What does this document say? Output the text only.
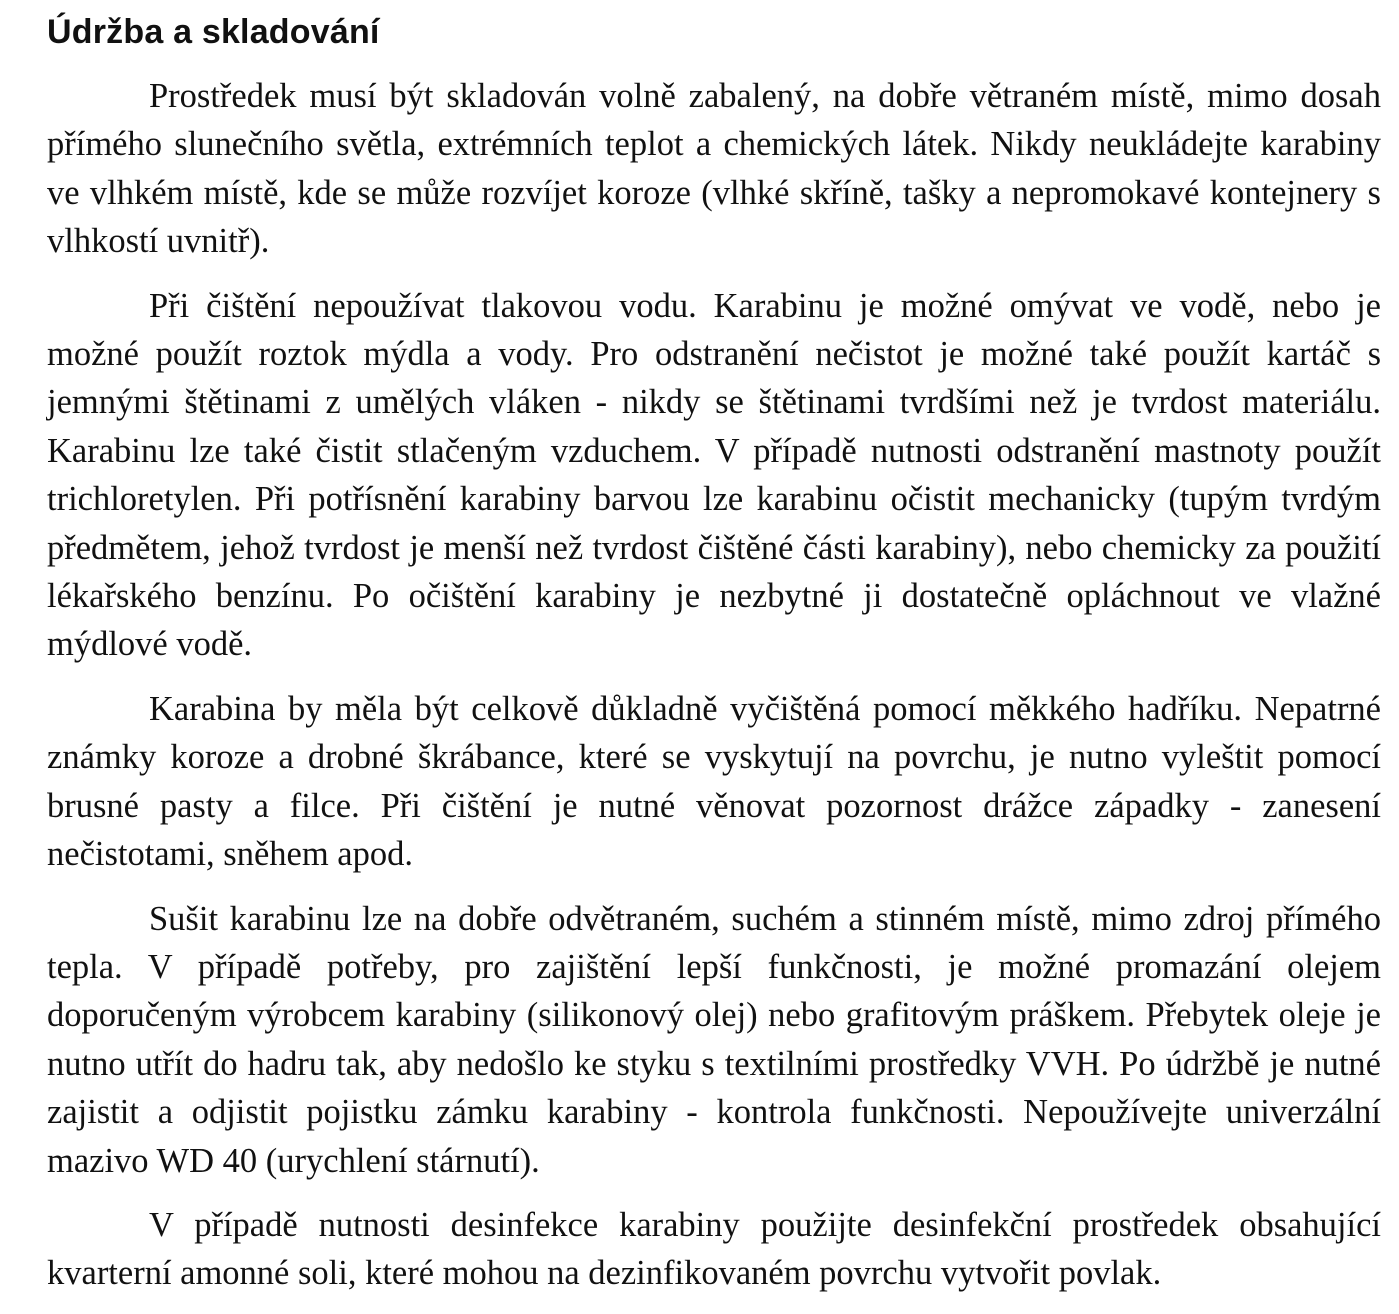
Údržba a skladování

Prostředek musí být skladován volně zabalený, na dobře větraném místě, mimo dosah přímého slunečního světla, extrémních teplot a chemických látek. Nikdy neukládejte karabiny ve vlhkém místě, kde se může rozvíjet koroze (vlhké skříně, tašky a nepromokavé kontejnery s vlhkostí uvnitř).

Při čištění nepoužívat tlakovou vodu. Karabinu je možné omývat ve vodě, nebo je možné použít roztok mýdla a vody. Pro odstranění nečistot je možné také použít kartáč s jemnými štětinami z umělých vláken - nikdy se štětinami tvrdšími než je tvrdost materiálu. Karabinu lze také čistit stlačeným vzduchem. V případě nutnosti odstranění mastnoty použít trichloretylen. Při potřísnění karabiny barvou lze karabinu očistit mechanicky (tupým tvrdým předmětem, jehož tvrdost je menší než tvrdost čištěné části karabiny), nebo chemicky za použití lékařského benzínu. Po očištění karabiny je nezbytné ji dostatečně opláchnout ve vlažné mýdlové vodě.

Karabina by měla být celkově důkladně vyčištěná pomocí měkkého hadříku. Nepatrné známky koroze a drobné škrábance, které se vyskytují na povrchu, je nutno vyleštit pomocí brusné pasty a filce. Při čištění je nutné věnovat pozornost drážce západky - zanesení nečistotami, sněhem apod.

Sušit karabinu lze na dobře odvětraném, suchém a stinném místě, mimo zdroj přímého tepla. V případě potřeby, pro zajištění lepší funkčnosti, je možné promazání olejem doporučeným výrobcem karabiny (silikonový olej) nebo grafitovým práškem. Přebytek oleje je nutno utřít do hadru tak, aby nedošlo ke styku s textilními prostředky VVH. Po údržbě je nutné zajistit a odjistit pojistku zámku karabiny - kontrola funkčnosti. Nepoužívejte univerzální mazivo WD 40 (urychlení stárnutí).

V případě nutnosti desinfekce karabiny použijte desinfekční prostředek obsahující kvarterní amonné soli, které mohou na dezinfikovaném povrchu vytvořit povlak.
